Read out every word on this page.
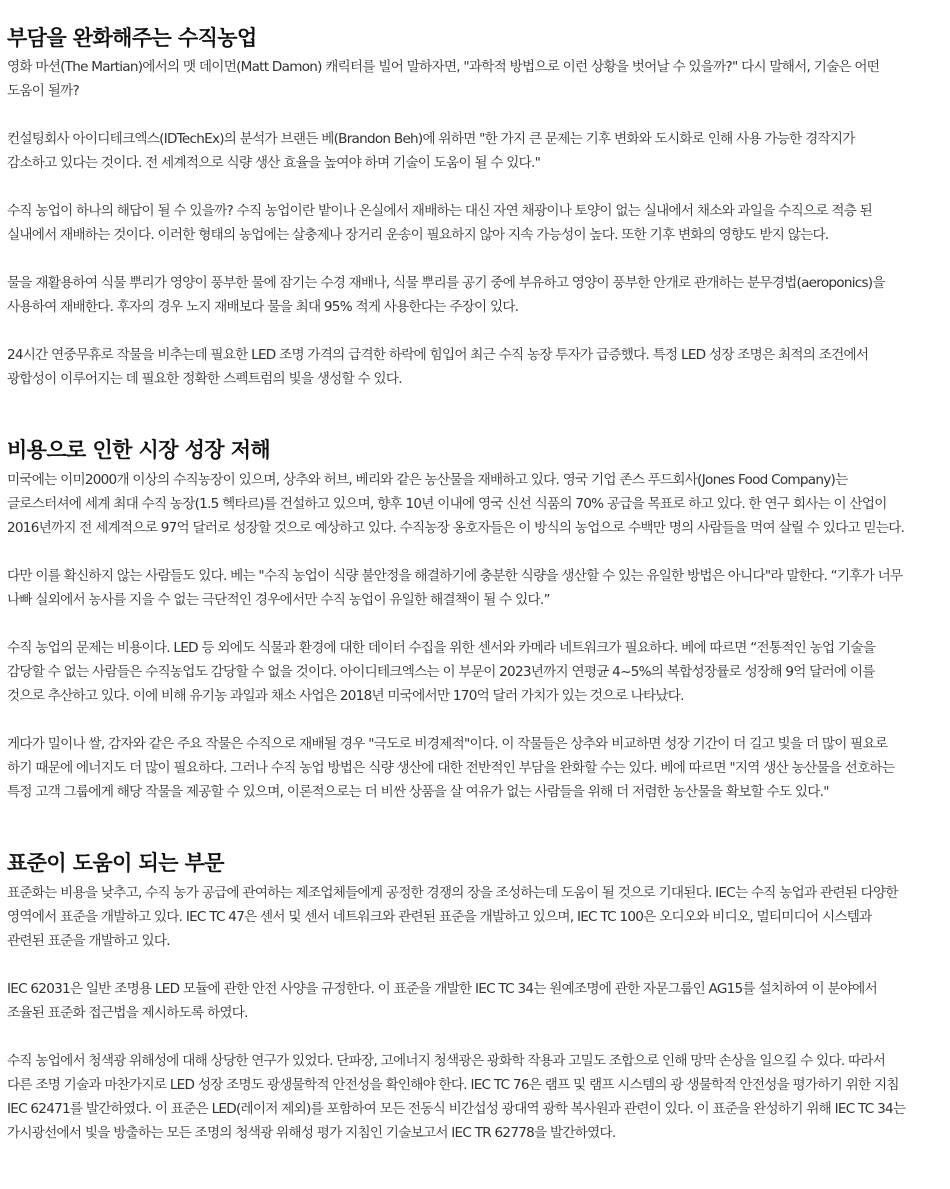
부담을 완화해주는 수직농업

영화 마션(The Martian)에서의 맷 데이먼(Matt Damon) 캐릭터를 빌어 말하자면, "과학적 방법으로 이런 상황을 벗어날 수 있을까?" 다시 말해서, 기술은 어떤
도움이 될까?

컨설팅회사 아이디테크엑스(IDTechEx)의 분석가 브랜든 베(Brandon Beh)에 위하면 "한 가지 큰 문제는 기후 변화와 도시화로 인해 사용 가능한 경작지가
감소하고 있다는 것이다. 전 세계적으로 식량 생산 효율을 높여야 하며 기술이 도움이 될 수 있다."

수직 농업이 하나의 해답이 될 수 있을까? 수직 농업이란 밭이나 온실에서 재배하는 대신 자연 채광이나 토양이 없는 실내에서 채소와 과일을 수직으로 적층 된
실내에서 재배하는 것이다. 이러한 형태의 농업에는 살충제나 장거리 운송이 필요하지 않아 지속 가능성이 높다. 또한 기후 변화의 영향도 받지 않는다.

물을 재활용하여 식물 뿌리가 영양이 풍부한 물에 잠기는 수경 재배나, 식물 뿌리를 공기 중에 부유하고 영양이 풍부한 안개로 관개하는 분무경법(aeroponics)을
사용하여 재배한다. 후자의 경우 노지 재배보다 물을 최대 95% 적게 사용한다는 주장이 있다.

24시간 연중무휴로 작물을 비추는데 필요한 LED 조명 가격의 급격한 하락에 힘입어 최근 수직 농장 투자가 급증했다. 특정 LED 성장 조명은 최적의 조건에서
광합성이 이루어지는 데 필요한 정확한 스펙트럼의 빛을 생성할 수 있다.

비용으로 인한 시장 성장 저해

미국에는 이미2000개 이상의 수직농장이 있으며, 상추와 허브, 베리와 같은 농산물을 재배하고 있다. 영국 기업 존스 푸드회사(Jones Food Company)는
글로스터셔에 세계 최대 수직 농장(1.5 헥타르)를 건설하고 있으며, 향후 10년 이내에 영국 신선 식품의 70% 공급을 목표로 하고 있다. 한 연구 회사는 이 산업이
2016년까지 전 세계적으로 97억 달러로 성장할 것으로 예상하고 있다. 수직농장 옹호자들은 이 방식의 농업으로 수백만 명의 사람들을 먹여 살릴 수 있다고 믿는다.

다만 이를 확신하지 않는 사람들도 있다. 베는 "수직 농업이 식량 불안정을 해결하기에 충분한 식량을 생산할 수 있는 유일한 방법은 아니다"라 말한다. “기후가 너무
나빠 실외에서 농사를 지을 수 없는 극단적인 경우에서만 수직 농업이 유일한 해결책이 될 수 있다.”

수직 농업의 문제는 비용이다. LED 등 외에도 식물과 환경에 대한 데이터 수집을 위한 센서와 카메라 네트워크가 필요하다. 베에 따르면 “전통적인 농업 기술을
감당할 수 없는 사람들은 수직농업도 감당할 수 없을 것이다. 아이디테크엑스는 이 부문이 2023년까지 연평균 4~5%의 복합성장률로 성장해 9억 달러에 이를
것으로 추산하고 있다. 이에 비해 유기농 과일과 채소 사업은 2018년 미국에서만 170억 달러 가치가 있는 것으로 나타났다.

게다가 밀이나 쌀, 감자와 같은 주요 작물은 수직으로 재배될 경우 "극도로 비경제적"이다. 이 작물들은 상추와 비교하면 성장 기간이 더 길고 빛을 더 많이 필요로
하기 때문에 에너지도 더 많이 필요하다. 그러나 수직 농업 방법은 식량 생산에 대한 전반적인 부담을 완화할 수는 있다. 베에 따르면 "지역 생산 농산물을 선호하는
특정 고객 그룹에게 해당 작물을 제공할 수 있으며, 이론적으로는 더 비싼 상품을 살 여유가 없는 사람들을 위해 더 저렴한 농산물을 확보할 수도 있다."

표준이 도움이 되는 부문

표준화는 비용을 낮추고, 수직 농가 공급에 관여하는 제조업체들에게 공정한 경쟁의 장을 조성하는데 도움이 될 것으로 기대된다. IEC는 수직 농업과 관련된 다양한
영역에서 표준을 개발하고 있다. IEC TC 47은 센서 및 센서 네트워크와 관련된 표준을 개발하고 있으며, IEC TC 100은 오디오와 비디오, 멀티미디어 시스템과
관련된 표준을 개발하고 있다.

IEC 62031은 일반 조명용 LED 모듈에 관한 안전 사양을 규정한다. 이 표준을 개발한 IEC TC 34는 원예조명에 관한 자문그룹인 AG15를 설치하여 이 분야에서
조율된 표준화 접근법을 제시하도록 하였다.

수직 농업에서 청색광 위해성에 대해 상당한 연구가 있었다. 단파장, 고에너지 청색광은 광화학 작용과 고밀도 조합으로 인해 망막 손상을 일으킬 수 있다. 따라서
다른 조명 기술과 마찬가지로 LED 성장 조명도 광생물학적 안전성을 확인해야 한다. IEC TC 76은 램프 및 램프 시스템의 광 생물학적 안전성을 평가하기 위한 지침
IEC 62471를 발간하였다. 이 표준은 LED(레이저 제외)를 포함하여 모든 전동식 비간섭성 광대역 광학 복사원과 관련이 있다. 이 표준을 완성하기 위해 IEC TC 34는
가시광선에서 빛을 방출하는 모든 조명의 청색광 위해성 평가 지침인 기술보고서 IEC TR 62778을 발간하였다.
